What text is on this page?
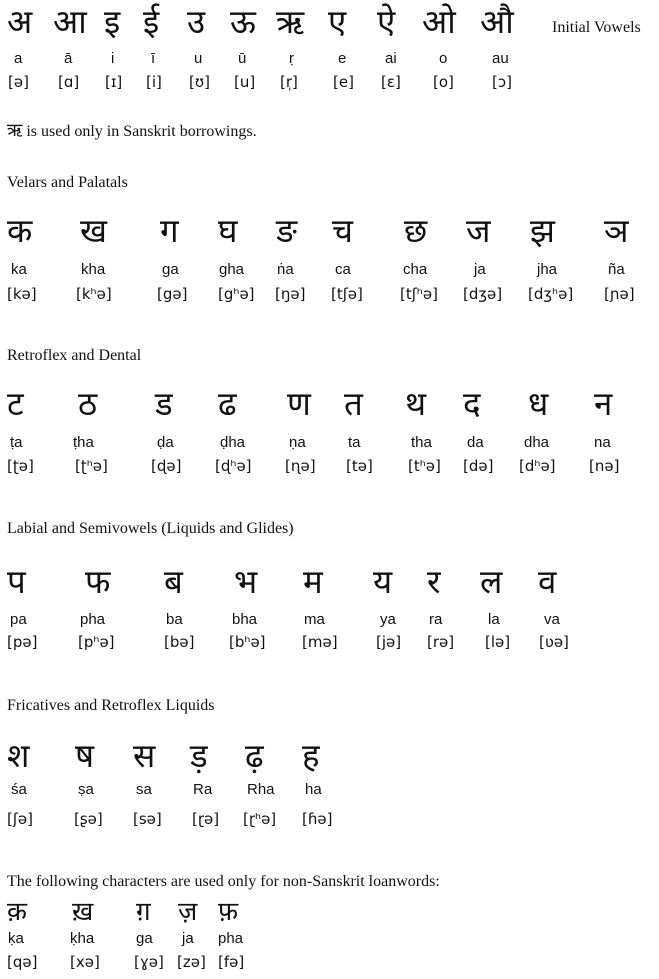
Initial Vowels
अ आ इ ई उ ऊ ऋ ए ऐ ओ औ
a	ā	i ī	u ū	ṛ	e	ai	o	au
[ə] [ɑ] [ɪ] [i] [ʊ] [u] [r̩] [e] [ɛ] [o]	[ɔ]
ऋ is used only in Sanskrit borrowings.
Velars and Palatals
क ख ग घ ङ च छ ज झ ञ
ka	kha	ga	gha ṅa	ca	cha	ja	jha	ña
[kə]	[kʰə]	[gə] [gʰə] [ŋə] [tʃə] [tʃʰə] [dʒə] [dʒʰə] [ɲə]
Retroflex and Dental
ट ठ ड ढ ण त थ द ध न
ṭa	ṭha	ḍa	ḍha	ṇa	ta	tha da	dha	na
[ʈə]	[ʈʰə]	[ɖə] [ɖʰə] [ɳə] [tə] [tʰə] [də] [dʰə] [nə]
Labial and Semivowels (Liquids and Glides)
प फ ब भ म य र ल व
pa	pha	ba	bha	ma	ya ra	la	va
[pə]	[pʰə]	[bə] [bʰə] [mə]	[jə] [rə] [lə] [ʋə]
Fricatives and Retroflex Liquids
श ष स ड़ ढ़ ह
śa	ṣa	sa	Ra Rha ha
[ʃə]	[ʂə] [sə] [ɽə] [ɽʰə] [ɦə]
The following characters are used only for non-Sanskrit loanwords:
क़ ख़ ग़ ज़ फ़
ḳa	ḳha	ga ja pha
[qə] [xə] [ɣə] [zə] [fə]
